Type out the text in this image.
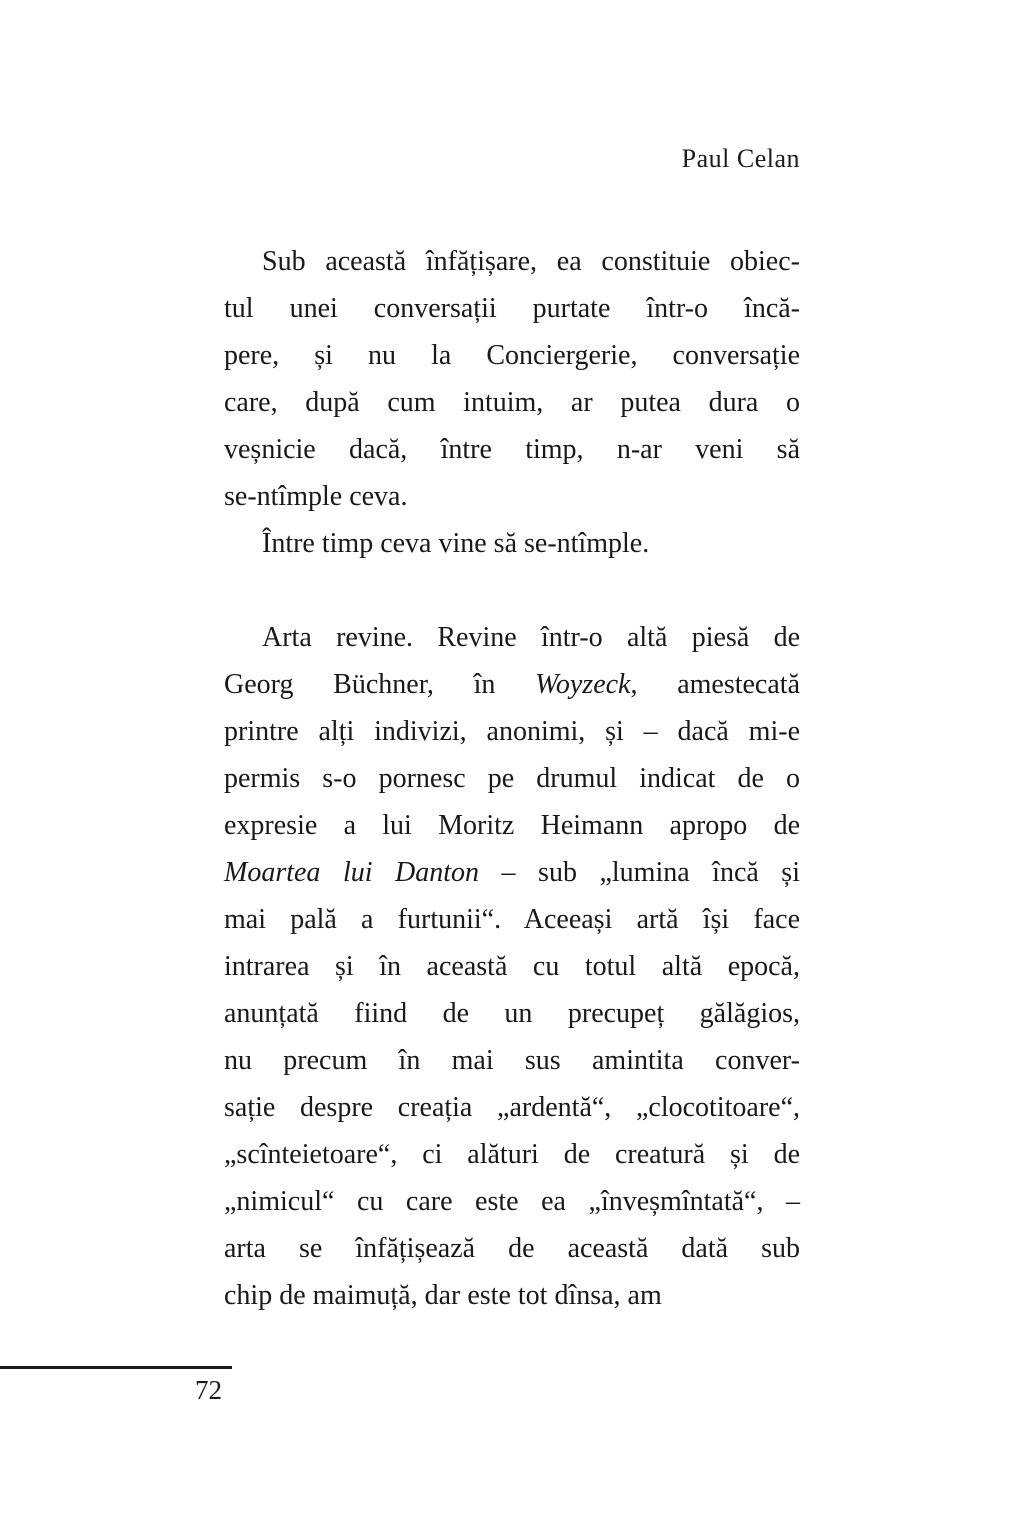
Paul Celan
Sub această înfățișare, ea constituie obiec-
tul unei conversații purtate într-o încă-
pere, și nu la Conciergerie, conversație
care, după cum intuim, ar putea dura o
veșnicie dacă, între timp, n-ar veni să
se-ntîmple ceva.
Între timp ceva vine să se-ntîmple.
Arta revine. Revine într-o altă piesă de
Georg Büchner, în Woyzeck, amestecată
printre alți indivizi, anonimi, și – dacă mi-e
permis s-o pornesc pe drumul indicat de o
expresie a lui Moritz Heimann apropo de
Moartea lui Danton – sub „lumina încă și
mai pală a furtunii“. Aceeași artă își face
intrarea și în această cu totul altă epocă,
anunțată fiind de un precupeț gălăgios,
nu precum în mai sus amintita conver-
sație despre creația „ardentă“, „clocotitoare“,
„scînteietoare“, ci alături de creatură și de
„nimicul“ cu care este ea „înveșmîntată“, –
arta se înfățișează de această dată sub
chip de maimuță, dar este tot dînsa, am
72
